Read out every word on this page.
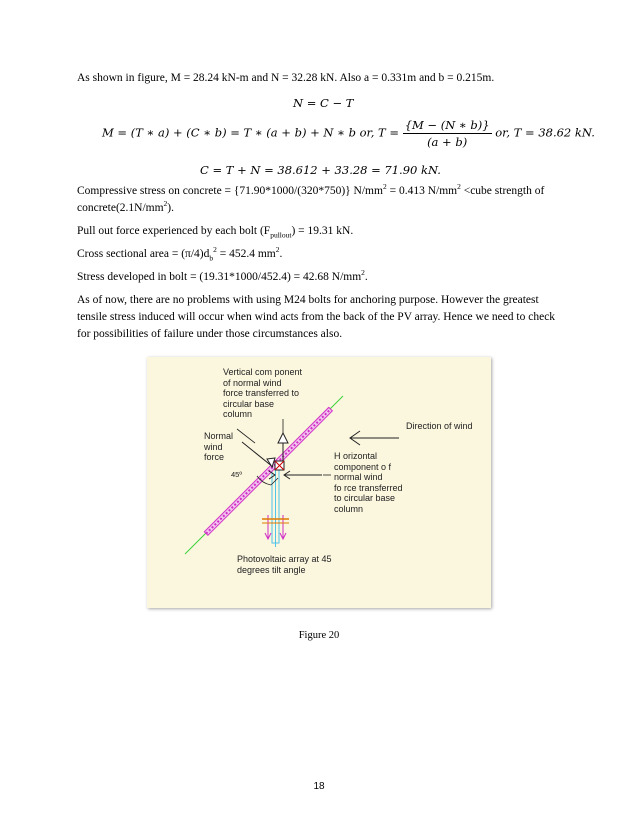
As shown in figure, M = 28.24 kN-m and N = 32.28 kN. Also a = 0.331m and b = 0.215m.

N = C − T
M = (T ∗ a) + (C ∗ b) = T ∗ (a + b) + N ∗ b or, $T = \frac{\{M - (N ∗ b)\}}{(a + b)}$ or, T = 38.62 kN.
C = T + N = 38.612 + 33.28 = 71.90 kN.

Compressive stress on concrete = {71.90*1000/(320*750)} $N/mm^2 = 0.413$ $N/mm^2$ <cube strength of $concrete(2.1N/mm^2)$.

Pull out force experienced by each bolt $(F_{pullout}) = 19.31$ kN.

Cross sectional area = $(\pi/4)d_b^2 = 452.4$ $mm^2$.

Stress developed in bolt = (19.31*1000/452.4) = 42.68 $N/mm^2$.

As of now, there are no problems with using M24 bolts for anchoring purpose. However the greatest tensile stress induced will occur when wind acts from the back of the PV array. Hence we need to check for possibilities of failure under those circumstances also.

Vertical com ponent
of normal wind
force transferred to
circular base
column
Normal
wind
force
45º
Direction of wind
H orizontal
component o f
normal wind
fo rce transferred
to circular base
column
Photovoltaic array at 45
degrees tilt angle
Figure 20
18
